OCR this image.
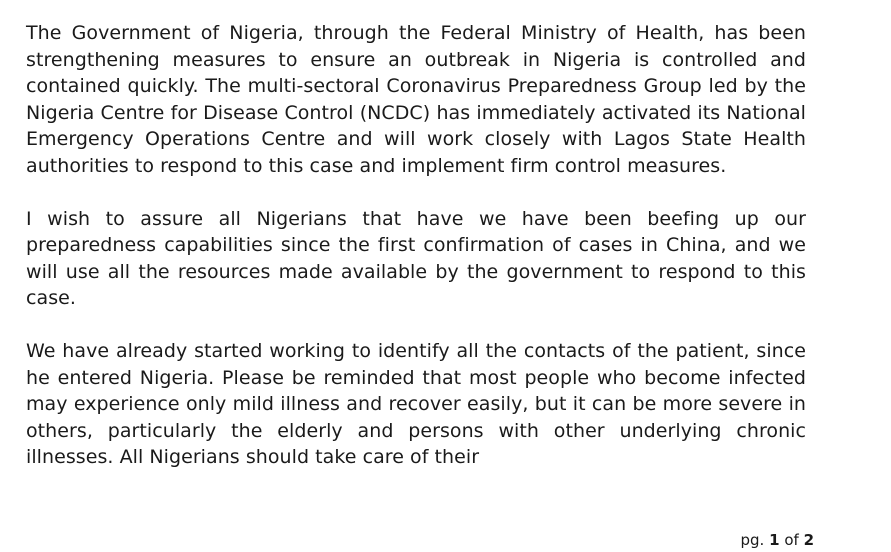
The Government of Nigeria, through the Federal Ministry of Health, has been strengthening measures to ensure an outbreak in Nigeria is controlled and contained quickly. The multi-sectoral Coronavirus Preparedness Group led by the Nigeria Centre for Disease Control (NCDC) has immediately activated its National Emergency Operations Centre and will work closely with Lagos State Health authorities to respond to this case and implement firm control measures.

I wish to assure all Nigerians that have we have been beefing up our preparedness capabilities since the first confirmation of cases in China, and we will use all the resources made available by the government to respond to this case.

We have already started working to identify all the contacts of the patient, since he entered Nigeria. Please be reminded that most people who become infected may experience only mild illness and recover easily, but it can be more severe in others, particularly the elderly and persons with other underlying chronic illnesses. All Nigerians should take care of their

pg. 1 of 2
